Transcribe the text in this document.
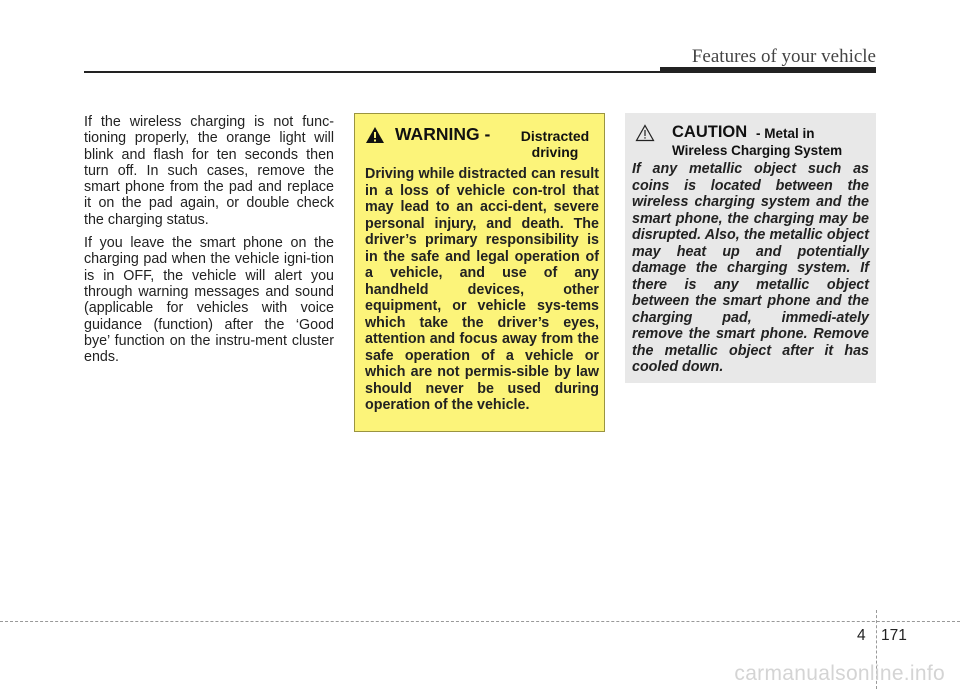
Features of your vehicle

If the wireless charging is not func-tioning properly, the orange light will blink and flash for ten seconds then turn off. In such cases, remove the smart phone from the pad and replace it on the pad again, or double check the charging status.

If you leave the smart phone on the charging pad when the vehicle igni-tion is in OFF, the vehicle will alert you through warning messages and sound (applicable for vehicles with voice guidance (function) after the ‘Good bye’ function on the instru-ment cluster ends.

WARNING -	Distracted driving
Driving while distracted can result in a loss of vehicle con-trol that may lead to an acci-dent, severe personal injury, and death. The driver’s primary responsibility is in the safe and legal operation of a vehicle, and use of any handheld devices, other equipment, or vehicle sys-tems which take the driver’s eyes, attention and focus away from the safe operation of a vehicle or which are not permis-sible by law should never be used during operation of the vehicle.
CAUTION - Metal in
Wireless Charging System
If any metallic object such as coins is located between the wireless charging system and the smart phone, the charging may be disrupted. Also, the metallic object may heat up and potentially damage the charging system. If there is any metallic object between the smart phone and the charging pad, immedi-ately remove the smart phone. Remove the metallic object after it has cooled down.
4 171
carmanualsonline.info
